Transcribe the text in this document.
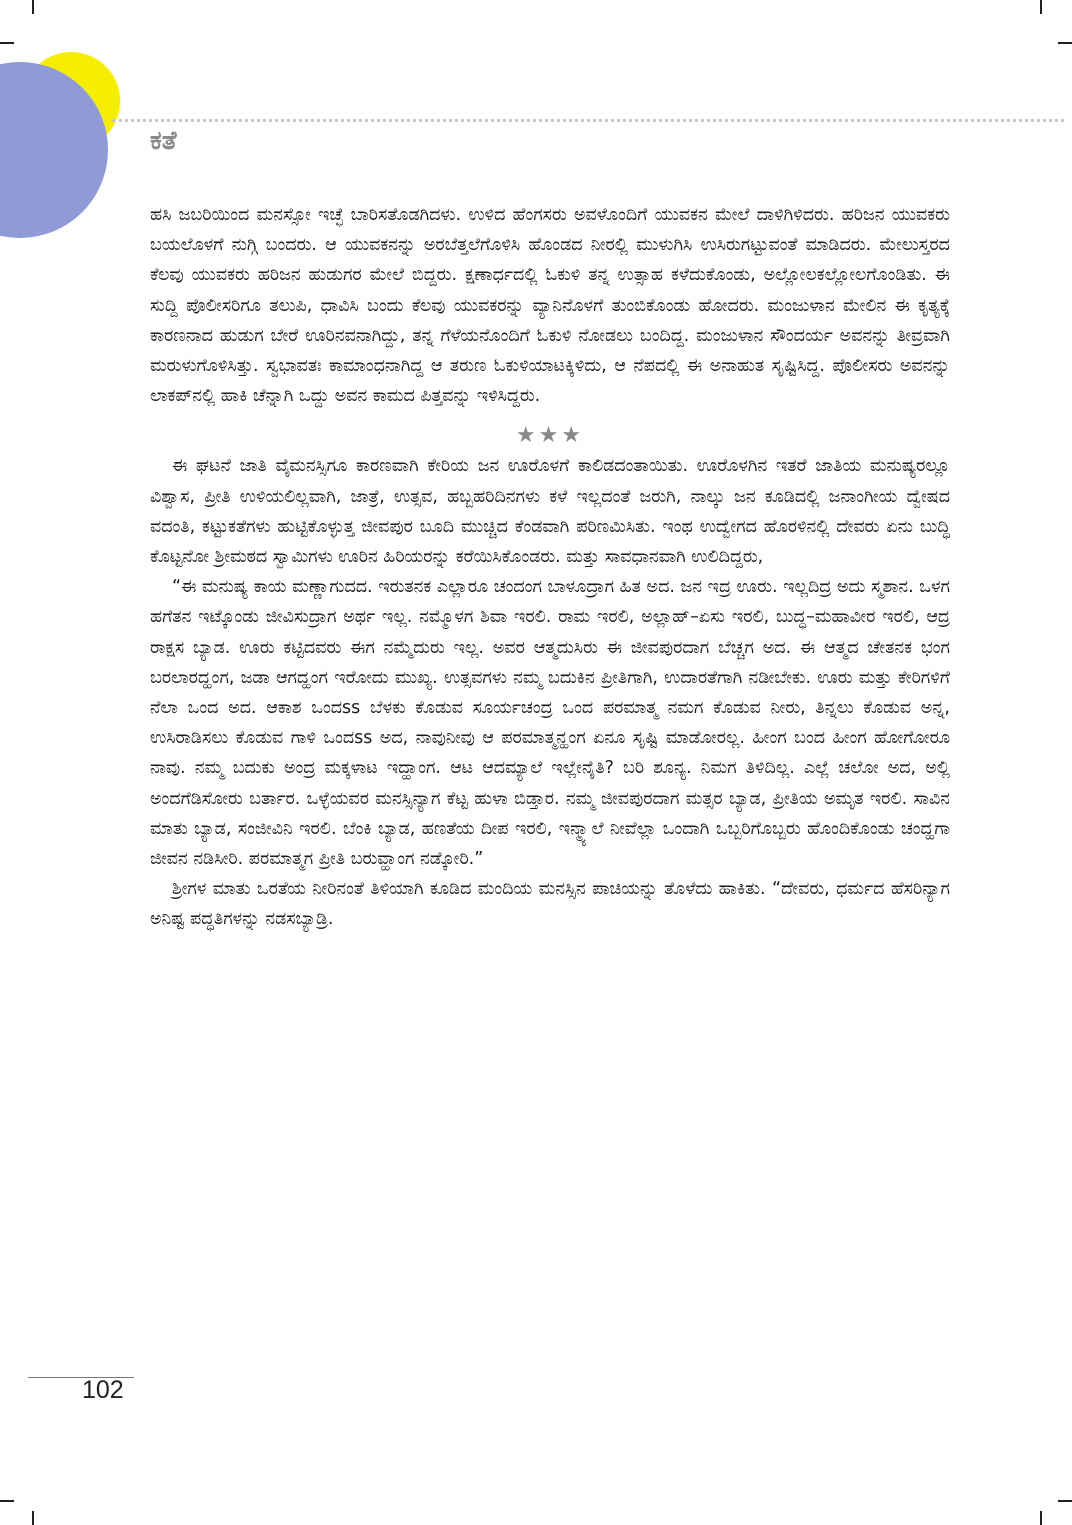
ಕತೆ

ಹಸಿ ಜಬರಿಯಿಂದ ಮನಸ್ಸೋ ಇಚ್ಛೆ ಬಾರಿಸತೊಡಗಿದಳು. ಉಳಿದ ಹೆಂಗಸರು ಅವಳೊಂದಿಗೆ ಯುವಕನ ಮೇಲೆ ದಾಳಿಗಿಳಿದರು. ಹರಿಜನ ಯುವಕರು ಬಯಲೊಳಗೆ ನುಗ್ಗಿ ಬಂದರು. ಆ ಯುವಕನನ್ನು ಅರಬೆತ್ತಲೆಗೊಳಿಸಿ ಹೊಂಡದ ನೀರಲ್ಲಿ ಮುಳುಗಿಸಿ ಉಸಿರುಗಟ್ಟುವಂತೆ ಮಾಡಿದರು. ಮೇಲುಸ್ತರದ ಕೆಲವು ಯುವಕರು ಹರಿಜನ ಹುಡುಗರ ಮೇಲೆ ಬಿದ್ದರು. ಕ್ಷಣಾರ್ಧದಲ್ಲಿ ಓಕುಳಿ ತನ್ನ ಉತ್ಸಾಹ ಕಳೆದುಕೊಂಡು, ಅಲ್ಲೋಲಕಲ್ಲೋಲಗೊಂಡಿತು. ಈ ಸುದ್ದಿ ಪೊಲೀಸರಿಗೂ ತಲುಪಿ, ಧಾವಿಸಿ ಬಂದು ಕೆಲವು ಯುವಕರನ್ನು ವ್ಯಾನಿನೊಳಗೆ ತುಂಬಿಕೊಂಡು ಹೋದರು. ಮಂಜುಳಾನ ಮೇಲಿನ ಈ ಕೃತ್ಯಕ್ಕೆ ಕಾರಣನಾದ ಹುಡುಗ ಬೇರೆ ಊರಿನವನಾಗಿದ್ದು, ತನ್ನ ಗೆಳೆಯನೊಂದಿಗೆ ಓಕುಳಿ ನೋಡಲು ಬಂದಿದ್ದ. ಮಂಜುಳಾನ ಸೌಂದರ್ಯ ಅವನನ್ನು ತೀವ್ರವಾಗಿ ಮರುಳುಗೊಳಿಸಿತ್ತು. ಸ್ವಭಾವತಃ ಕಾಮಾಂಧನಾಗಿದ್ದ ಆ ತರುಣ ಓಕುಳಿಯಾಟಕ್ಕಿಳಿದು, ಆ ನೆಪದಲ್ಲಿ ಈ ಅನಾಹುತ ಸೃಷ್ಟಿಸಿದ್ದ. ಪೊಲೀಸರು ಅವನನ್ನು ಲಾಕಪ್‌ನಲ್ಲಿ ಹಾಕಿ ಚೆನ್ನಾಗಿ ಒದ್ದು ಅವನ ಕಾಮದ ಪಿತ್ತವನ್ನು ಇಳಿಸಿದ್ದರು.

★★★

ಈ ಘಟನೆ ಜಾತಿ ವೈಮನಸ್ಸಿಗೂ ಕಾರಣವಾಗಿ ಕೇರಿಯ ಜನ ಊರೊಳಗೆ ಕಾಲಿಡದಂತಾಯಿತು. ಊರೊಳಗಿನ ಇತರೆ ಜಾತಿಯ ಮನುಷ್ಯರಲ್ಲೂ ವಿಶ್ವಾಸ, ಪ್ರೀತಿ ಉಳಿಯಲಿಲ್ಲವಾಗಿ, ಜಾತ್ರೆ, ಉತ್ಸವ, ಹಬ್ಬಹರಿದಿನಗಳು ಕಳೆ ಇಲ್ಲದಂತೆ ಜರುಗಿ, ನಾಲ್ಕು ಜನ ಕೂಡಿದಲ್ಲಿ ಜನಾಂಗೀಯ ದ್ವೇಷದ ವದಂತಿ, ಕಟ್ಟುಕತೆಗಳು ಹುಟ್ಟಿಕೊಳ್ಳುತ್ತ ಜೀವಪುರ ಬೂದಿ ಮುಚ್ಚಿದ ಕೆಂಡವಾಗಿ ಪರಿಣಮಿಸಿತು. ಇಂಥ ಉದ್ವೇಗದ ಹೊರಳಿನಲ್ಲಿ ದೇವರು ಏನು ಬುದ್ಧಿ ಕೊಟ್ಟನೋ ಶ್ರೀಮಠದ ಸ್ವಾಮಿಗಳು ಊರಿನ ಹಿರಿಯರನ್ನು ಕರೆಯಿಸಿಕೊಂಡರು. ಮತ್ತು ಸಾವಧಾನವಾಗಿ ಉಲಿದಿದ್ದರು,

“ಈ ಮನುಷ್ಯ ಕಾಯ ಮಣ್ಣಾಗುದದ. ಇರುತನಕ ಎಲ್ಲಾರೂ ಚಂದಂಗ ಬಾಳೂದ್ರಾಗ ಹಿತ ಅದ. ಜನ ಇದ್ರ ಊರು. ಇಲ್ಲದಿದ್ರ ಅದು ಸ್ಮಶಾನ. ಒಳಗ ಹಗೆತನ ಇಟ್ಕೊಂಡು ಜೀವಿಸುದ್ರಾಗ ಅರ್ಥ ಇಲ್ಲ. ನಮ್ಮೊಳಗ ಶಿವಾ ಇರಲಿ. ರಾಮ ಇರಲಿ, ಅಲ್ಲಾಹ್–ಏಸು ಇರಲಿ, ಬುದ್ಧ–ಮಹಾವೀರ ಇರಲಿ, ಆದ್ರ ರಾಕ್ಷಸ ಬ್ಯಾಡ. ಊರು ಕಟ್ಟಿದವರು ಈಗ ನಮ್ಮೆದುರು ಇಲ್ಲ. ಅವರ ಆತ್ಮದುಸಿರು ಈ ಜೀವಪುರದಾಗ ಬೆಚ್ಚಗ ಅದ. ಈ ಆತ್ಮದ ಚೇತನಕ ಭಂಗ ಬರಲಾರದ್ಹಂಗ, ಜಡಾ ಆಗದ್ಹಂಗ ಇರೋದು ಮುಖ್ಯ. ಉತ್ಸವಗಳು ನಮ್ಮ ಬದುಕಿನ ಪ್ರೀತಿಗಾಗಿ, ಉದಾರತೆಗಾಗಿ ನಡೀಬೇಕು. ಊರು ಮತ್ತು ಕೇರಿಗಳಿಗೆ ನೆಲಾ ಒಂದ ಅದ. ಆಕಾಶ ಒಂದss ಬೆಳಕು ಕೊಡುವ ಸೂರ್ಯಚಂದ್ರ ಒಂದ ಪರಮಾತ್ಮ ನಮಗ ಕೊಡುವ ನೀರು, ತಿನ್ನಲು ಕೊಡುವ ಅನ್ನ, ಉಸಿರಾಡಿಸಲು ಕೊಡುವ ಗಾಳಿ ಒಂದss ಅದ, ನಾವುನೀವು ಆ ಪರಮಾತ್ಮನ್ಹಂಗ ಏನೂ ಸೃಷ್ಟಿ ಮಾಡೋರಲ್ಲ. ಹೀಂಗ ಬಂದ ಹೀಂಗ ಹೋಗೋರೂ ನಾವು. ನಮ್ಮ ಬದುಕು ಅಂದ್ರ ಮಕ್ಕಳಾಟ ಇದ್ಹಾಂಗ. ಆಟ ಆದಮ್ಯಾಲೆ ಇಲ್ಲೇನೈತಿ? ಬರಿ ಶೂನ್ಯ. ನಿಮಗ ತಿಳಿದಿಲ್ಲ. ಎಲ್ಲೆ ಚಲೋ ಅದ, ಅಲ್ಲಿ ಅಂದಗೆಡಿಸೋರು ಬರ್ತಾರ. ಒಳ್ಳೆಯವರ ಮನಸ್ಸಿನ್ಯಾಗ ಕೆಟ್ಟ ಹುಳಾ ಬಿಡ್ತಾರ. ನಮ್ಮ ಜೀವಪುರದಾಗ ಮತ್ಸರ ಬ್ಯಾಡ, ಪ್ರೀತಿಯ ಅಮೃತ ಇರಲಿ. ಸಾವಿನ ಮಾತು ಬ್ಯಾಡ, ಸಂಜೀವಿನಿ ಇರಲಿ. ಬೆಂಕಿ ಬ್ಯಾಡ, ಹಣತೆಯ ದೀಪ ಇರಲಿ, ಇನ್ಮ್ಯಾಲೆ ನೀವೆಲ್ಲಾ ಒಂದಾಗಿ ಒಬ್ಬರಿಗೊಬ್ಬರು ಹೊಂದಿಕೊಂಡು ಚಂದ್ಹಗಾ ಜೀವನ ನಡಿಸೀರಿ. ಪರಮಾತ್ಮಗ ಪ್ರೀತಿ ಬರುವ್ಹಾಂಗ ನಡ್ಕೋರಿ.”

ಶ್ರೀಗಳ ಮಾತು ಒರತೆಯ ನೀರಿನಂತೆ ತಿಳಿಯಾಗಿ ಕೂಡಿದ ಮಂದಿಯ ಮನಸ್ಸಿನ ಪಾಚಿಯನ್ನು ತೊಳೆದು ಹಾಕಿತು. “ದೇವರು, ಧರ್ಮದ ಹೆಸರಿನ್ಯಾಗ ಅನಿಷ್ಟ ಪದ್ಧತಿಗಳನ್ನು ನಡಸಬ್ಯಾಡ್ರಿ.

102
